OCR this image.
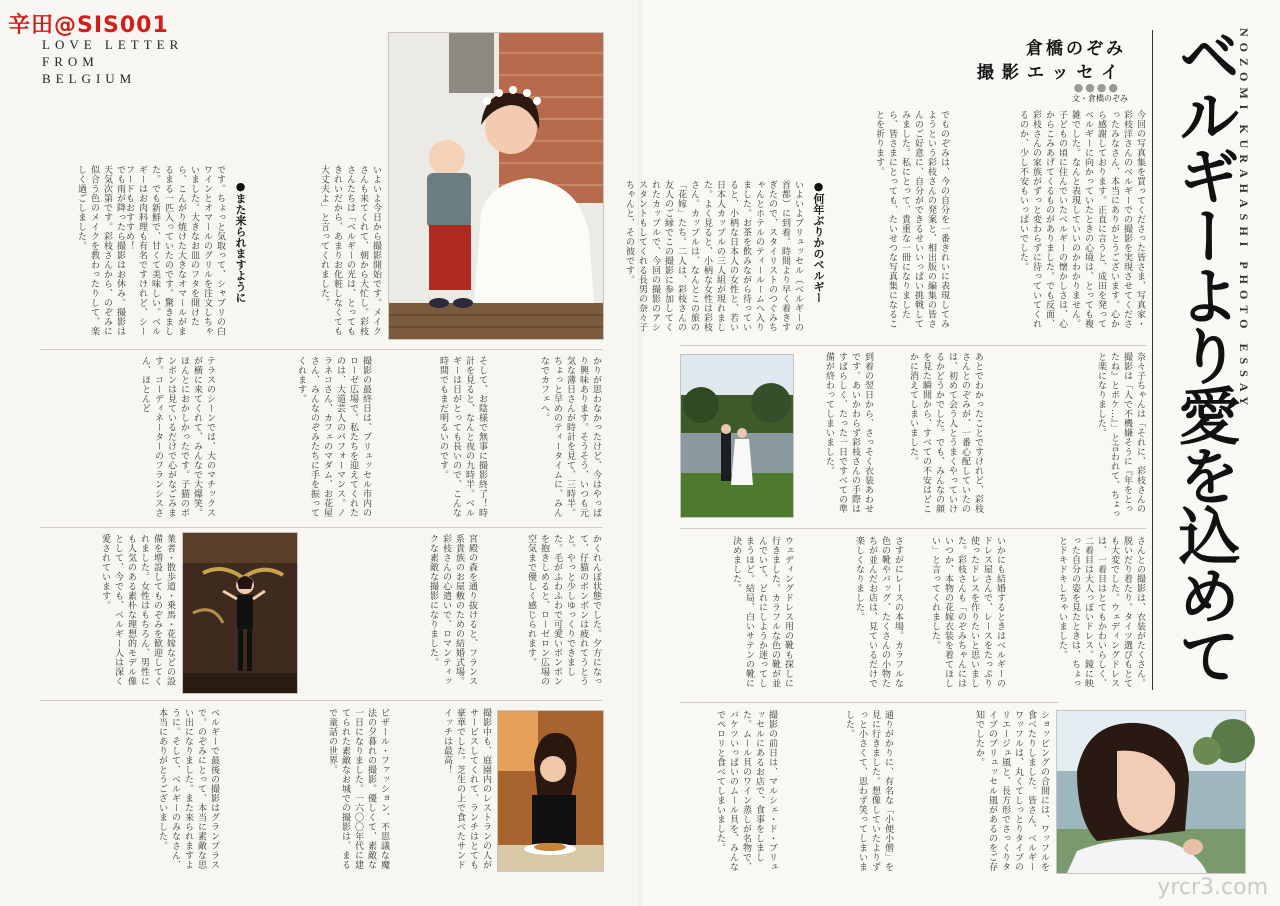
辛田@SIS001
LOVE LETTER
FROM
BELGIUM
●また来られますように	いよいよ今日から撮影開始です。メイクさんも来てくれて、朝から大忙し。彩枝さんたちは「ベルギーの光は、とってもきれいだから、あまりお化粧しなくても大丈夫よ」と言ってくれました。
でも雨が降ったら撮影はお休み。撮影は天気次第です。彩枝さんから、のぞみに似合う色のメイクを教わったりして、楽しく過ごしました。	です。ちょっと気取って、シャブリの白ワインとオマールのグリルを注文しちゃいました。大きなお皿のフタを開けたら、こんがり焼けた大きなオマールがまるまる一匹入っていたのです。驚きました。でも新鮮で、甘くて美味しい。ベルギーはお肉料理も有名ですけれど、シーフードもおすすめ！
かりが思わなかったけど、今はやっぱり興味あります。そうそう、いつも元気な薄日さんが時計を見て、三時半。ちょっと早めのティータイムに、みんなでカフェへ。
そして、お陰様で無事に撮影終了！時計を見ると、なんと夜の九時半。ベルギーは日がとっても長いので、こんな時間でもまだ明るいのです。
撮影の最終日は、ブリュッセル市内のローゼ広場で。私たちを迎えてくれたのは、大道芸人のパフォーマンス。ノラネコさん、カフェのマダム、お花屋さん、みんなのぞみたちに手を振ってくれます。
テラスのシーンでは、大のマチックスが横に来てくれて、みんなで大爆笑。ほんとにおかしかったです。子猫のボンボンは見ているだけで心がなごみます。コーディネーターのフランシスさん、ほとんど
かくれんぼ状態でした。夕方になって、仔猫のボンボンは疲れてうとうと。やっと少しゆっくりできました。毛がふわふわで可愛いボンボンを抱きしめると、ローゼロン広場の空気まで優しく感じられます。
宮殿の森を通り抜けると、フランス系貴族のお屋敷のための結婚式場。彩枝さんの心遣いで、ロマンティックな素敵な撮影になりました。
業者・散歩道・乗馬・花嫁などの設備を増設してものぞみを歓迎してくれました。女性はもちろん、男性にも人気のある素朴な理想的モデル像として、今でも、ベルギー人は深く愛されています。
撮影中も、庭園内のレストランの人がサービスしてくれて、ランチはとても豪華でした。芝生の上で食べたサンドイッチは最高！
ビザール・ファッション、不思議な魔法の夕暮れの撮影。優しくて、素敵な一日になりました。一六〇〇年代に建てられた素敵なお城での撮影は、まるで童話の世界。
ベルギーで最後の撮影はグランプラスで。のぞみにとって、本当に素敵な思い出になりました。また来られますように。そして、ベルギーのみなさん、本当にありがとうございました。
倉橋のぞみ
撮影エッセイ
●●●●
文・倉橋のぞみ ベルギーより愛を込めて
NOZOMI KURAHASHI PHOTO ESSAY
今回の写真集を買ってくださった皆さま、写真家・彩枝洋さんのベルギーでの撮影を実現させてくださったみなさん、本当にありがとうございます。心から感謝しております。正直に言うと、成田を発ってベルギーに向かっていたときの心境は、とっても複雑でした。なんと表現していいのかわかりません。子どもの頃に住んでいたベルギーの懐かしさは、心からこみあげてくるものがありました。でも反面、彩枝さんの家族がずっと変わらずに待っていてくれるのか、少し不安もいっぱいでした。
でものぞみは、今の自分を一番きれいに表現してみようという彩枝さんの発案と、相出版の編集の皆さんのご好意に、自分ができるせいいっぱい挑戦してみました。私にとって、貴重な一冊になりましたら、皆さまにとっても、たいせつな写真集になることを祈ります。
●何年ぶりかのベルギー
いよいよブリュッセル（ベルギーの首都）に到着。時間より早く着きすぎたので、スタイリストのつぐみちゃんとホテルのティールームへ入りました。お茶を飲みながら待っていると、小柄な日本人の女性と、若い日本人カップルの三人組が現れました。よく見ると、小柄な女性は彩枝さん。カップルは、なんとこの旅の「花嫁」たち。二人は、彩枝さんの友人のご縁でこの撮影に参加してくれたカップルで、今回の撮影のアシスタントもしてくれる長男の奈々子ちゃんと、その彼です。
奈々子ちゃんは「それに、彩枝さんの撮影は「人で不機嫌そうに『年をとったね』とボケ…』」と言われて、ちょっと楽になりました。
あとでわかったことですけれど、彩枝さんとのぞみが、一番心配していたのは、初めて会う人とうまくやっていけるかどうかでした。でも、みんなの顔を見た瞬間から、すべての不安はどこかに消えてしまいました。
到着の翌日から、さっそく衣装あわせです。あいかわらず彩枝さんの手際はすばらしく、たった一日ですべての準備が終わってしまいました。
さんとの撮影は、衣装がたくさん。脱いだり着たり。タイツ選びもとても大変でした。ウェディングドレスは、一着目はとてもかわいらしく、二着目は大人っぽいドレス。鏡に映った自分の姿を見たときは、ちょっとドキドキしちゃいました。
いかにも結婚するときはベルギーのドレス屋さんで、レースをたっぷり使ったドレスを作りたいと思いました。彩枝さんも「のぞみちゃんにはいつか、本物の花嫁衣装を着てほしい」と言ってくれました。
さすがにレースの本場。カラフルな色の靴やバッグ、たくさんの小物たちが並んだお店は、見ているだけで楽しくなりました。
ウェディングドレス用の靴も探しに行きました。カラフルな色の靴が並んでいて、どれにしようか迷ってしまうほど。結局、白いサテンの靴に決めました。
ショッピングの合間には、ワッフルを食べたりしました。皆さん、ベルギーワッフルは、丸くてしっとりタイプのリエージュ風と、長方形でさっくりタイプのブリュッセル風があるのをご存知でしたか。
通りがかりに、有名な「小便小僧」を見に行きました。想像していたよりずっと小さくて、思わず笑ってしまいました。
撮影の前日は、マルシェ・ド・ブリュッセルにあるお店で、食事をしました。ムール貝のワイン蒸しが名物で、バケツいっぱいのムール貝を、みんなでペロリと食べてしまいました。
yrcr3.com
